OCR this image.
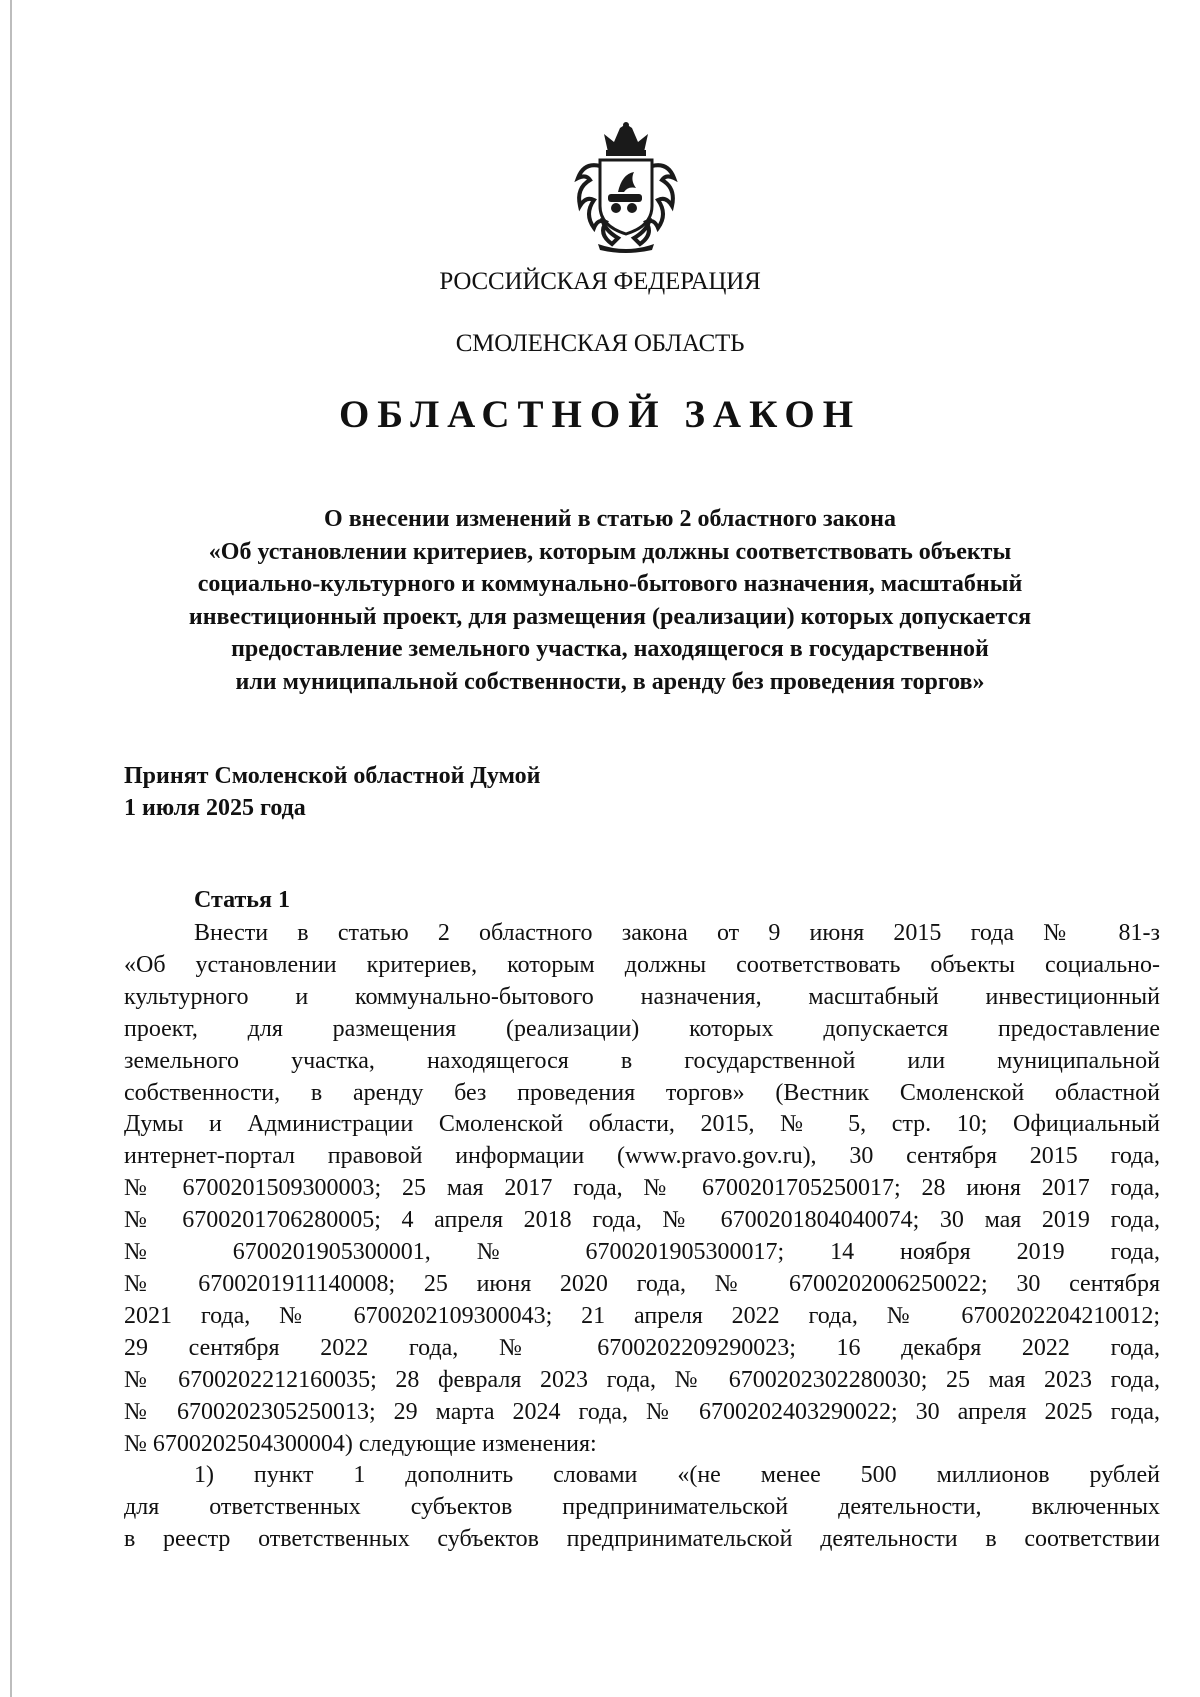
РОССИЙСКАЯ ФЕДЕРАЦИЯ
СМОЛЕНСКАЯ ОБЛАСТЬ
ОБЛАСТНОЙ ЗАКОН
О внесении изменений в статью 2 областного закона
«Об установлении критериев, которым должны соответствовать объекты
социально-культурного и коммунально-бытового назначения, масштабный
инвестиционный проект, для размещения (реализации) которых допускается
предоставление земельного участка, находящегося в государственной
или муниципальной собственности, в аренду без проведения торгов»
Принят Смоленской областной Думой
1 июля 2025 года
Статья 1
Внести в статью 2 областного закона от 9 июня 2015 года № 81-з
«Об установлении критериев, которым должны соответствовать объекты социально-
культурного и коммунально-бытового назначения, масштабный инвестиционный
проект, для размещения (реализации) которых допускается предоставление
земельного участка, находящегося в государственной или муниципальной
собственности, в аренду без проведения торгов» (Вестник Смоленской областной
Думы и Администрации Смоленской области, 2015, № 5, стр. 10; Официальный
интернет-портал правовой информации (www.pravo.gov.ru), 30 сентября 2015 года,
№ 6700201509300003; 25 мая 2017 года, № 6700201705250017; 28 июня 2017 года,
№ 6700201706280005; 4 апреля 2018 года, № 6700201804040074; 30 мая 2019 года,
№ 6700201905300001, № 6700201905300017; 14 ноября 2019 года,
№ 6700201911140008; 25 июня 2020 года, № 6700202006250022; 30 сентября
2021 года, № 6700202109300043; 21 апреля 2022 года, № 6700202204210012;
29 сентября 2022 года, № 6700202209290023; 16 декабря 2022 года,
№ 6700202212160035; 28 февраля 2023 года, № 6700202302280030; 25 мая 2023 года,
№ 6700202305250013; 29 марта 2024 года, № 6700202403290022; 30 апреля 2025 года,
№ 6700202504300004) следующие изменения:
1) пункт 1 дополнить словами «(не менее 500 миллионов рублей
для ответственных субъектов предпринимательской деятельности, включенных
в реестр ответственных субъектов предпринимательской деятельности в соответствии
